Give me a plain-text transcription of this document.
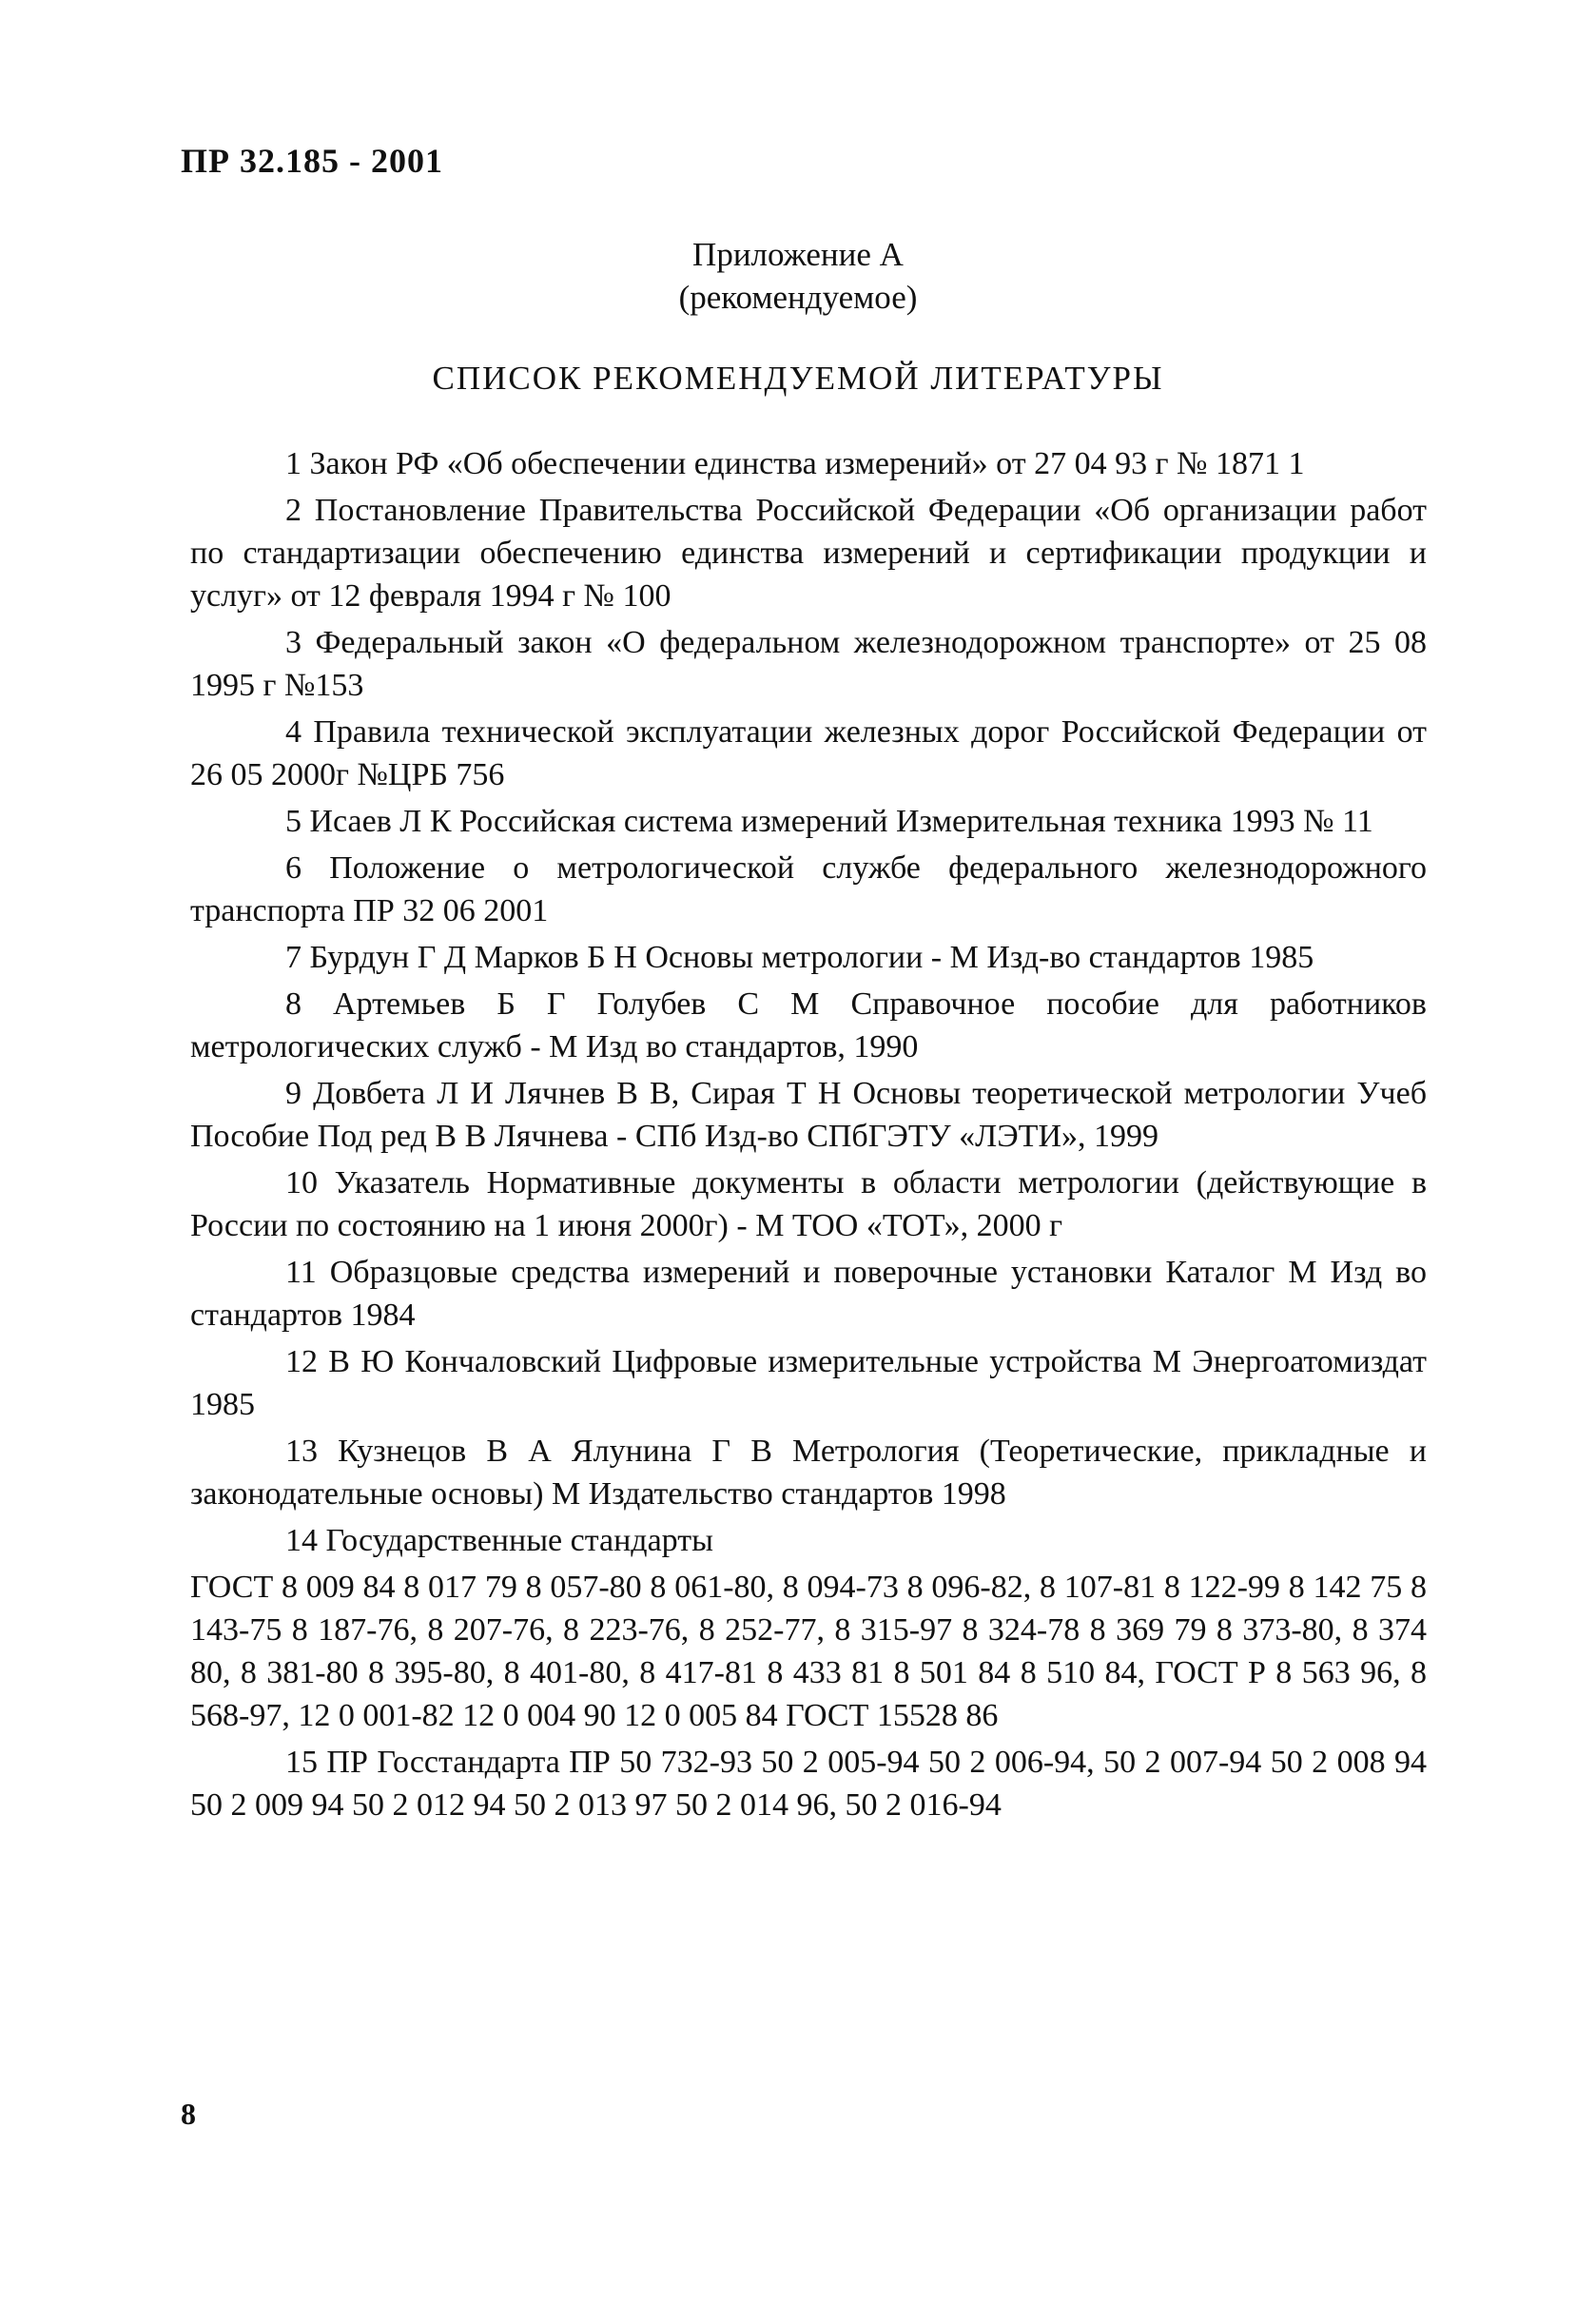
ПР 32.185 - 2001
Приложение А
(рекомендуемое)
СПИСОК РЕКОМЕНДУЕМОЙ ЛИТЕРАТУРЫ

1 Закон РФ «Об обеспечении единства измерений» от 27 04 93 г № 1871 1

2 Постановление Правительства Российской Федерации «Об организации работ по стандартизации обеспечению единства измерений и сертификации продукции и услуг» от 12 февраля 1994 г № 100

3 Федеральный закон «О федеральном железнодорожном транспорте» от 25 08 1995 г №153

4 Правила технической эксплуатации железных дорог Российской Федерации от 26 05 2000г №ЦРБ 756

5 Исаев Л К Российская система измерений Измерительная техника 1993 № 11

6 Положение о метрологической службе федерального железнодорожного транспорта ПР 32 06 2001

7 Бурдун Г Д Марков Б Н Основы метрологии - М Изд-во стандартов 1985

8 Артемьев Б Г Голубев С М Справочное пособие для работников метрологических служб - М Изд во стандартов, 1990

9 Довбета Л И Лячнев В В, Сирая Т Н Основы теоретической метрологии Учеб Пособие Под ред В В Лячнева - СПб Изд-во СПбГЭТУ «ЛЭТИ», 1999

10 Указатель Нормативные документы в области метрологии (действующие в России по состоянию на 1 июня 2000г) - М ТОО «ТОТ», 2000 г

11 Образцовые средства измерений и поверочные установки Каталог М Изд во стандартов 1984

12 В Ю Кончаловский Цифровые измерительные устройства М Энергоатомиздат 1985

13 Кузнецов В А Ялунина Г В Метрология (Теоретические, прикладные и законодательные основы) М Издательство стандартов 1998

14 Государственные стандарты

ГОСТ 8 009 84 8 017 79 8 057-80 8 061-80, 8 094-73 8 096-82, 8 107-81 8 122-99 8 142 75 8 143-75 8 187-76, 8 207-76, 8 223-76, 8 252-77, 8 315-97 8 324-78 8 369 79 8 373-80, 8 374 80, 8 381-80 8 395-80, 8 401-80, 8 417-81 8 433 81 8 501 84 8 510 84, ГОСТ Р 8 563 96, 8 568-97, 12 0 001-82 12 0 004 90 12 0 005 84 ГОСТ 15528 86

15 ПР Госстандарта ПР 50 732-93 50 2 005-94 50 2 006-94, 50 2 007-94 50 2 008 94 50 2 009 94 50 2 012 94 50 2 013 97 50 2 014 96, 50 2 016-94

8
